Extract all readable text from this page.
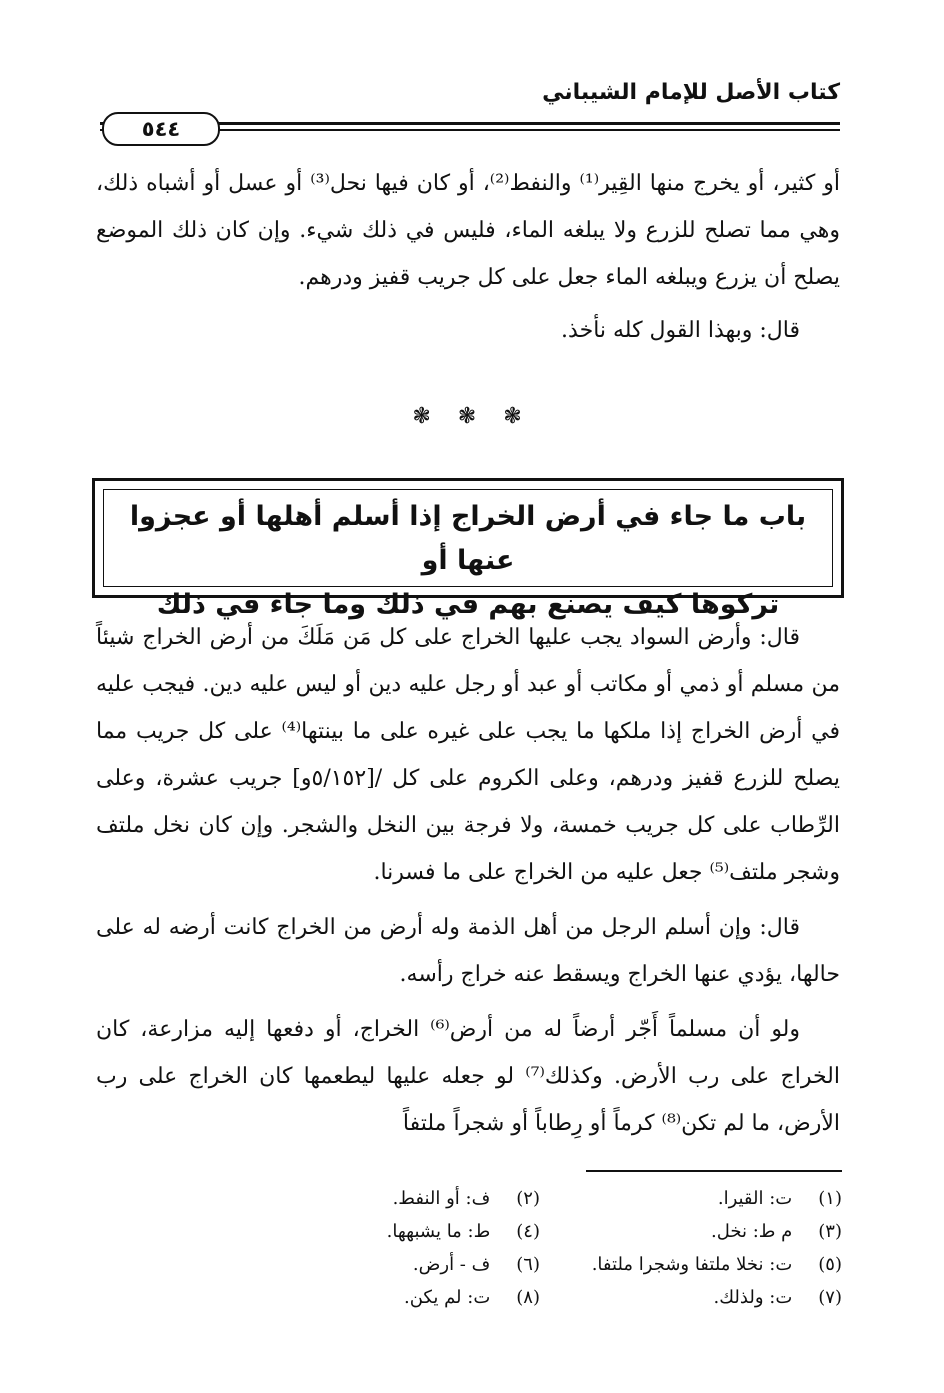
كتاب الأصل للإمام الشيباني
٥٤٤

أو كثير، أو يخرج منها القِير⁽¹⁾ والنفط⁽²⁾، أو كان فيها نحل⁽³⁾ أو عسل أو أشباه ذلك، وهي مما تصلح للزرع ولا يبلغه الماء، فليس في ذلك شيء. وإن كان ذلك الموضع يصلح أن يزرع ويبلغه الماء جعل على كل جريب قفيز ودرهم.

قال: وبهذا القول كله نأخذ.

❃ ❃ ❃
باب ما جاء في أرض الخراج إذا أسلم أهلها أو عجزوا عنها أو
تركوها كيف يصنع بهم في ذلك وما جاء في ذلك

قال: وأرض السواد يجب عليها الخراج على كل مَن مَلَكَ من أرض الخراج شيئاً من مسلم أو ذمي أو مكاتب أو عبد أو رجل عليه دين أو ليس عليه دين. فيجب عليه في أرض الخراج إذا ملكها ما يجب على غيره على ما بينتها⁽⁴⁾ على كل جريب مما يصلح للزرع قفيز ودرهم، وعلى الكروم على كل /[٥/١٥٢و] جريب عشرة، وعلى الرِّطاب على كل جريب خمسة، ولا فرجة بين النخل والشجر. وإن كان نخل ملتف وشجر ملتف⁽⁵⁾ جعل عليه من الخراج على ما فسرنا.

قال: وإن أسلم الرجل من أهل الذمة وله أرض من الخراج كانت أرضه له على حالها، يؤدي عنها الخراج ويسقط عنه خراج رأسه.

ولو أن مسلماً أَجّر أرضاً له من أرض⁽⁶⁾ الخراج، أو دفعها إليه مزارعة، كان الخراج على رب الأرض. وكذلك⁽⁷⁾ لو جعله عليها ليطعمها كان الخراج على رب الأرض، ما لم تكن⁽⁸⁾ كرماً أو رِطاباً أو شجراً ملتفاً

(١) ت: القيرا.
(٢) ف: أو النفط.
(٣) م ط: نخل.
(٤) ط: ما يشبهها.
(٥) ت: نخلا ملتفا وشجرا ملتفا.
(٦) ف - أرض.
(٧) ت: ولذلك.
(٨) ت: لم يكن.
